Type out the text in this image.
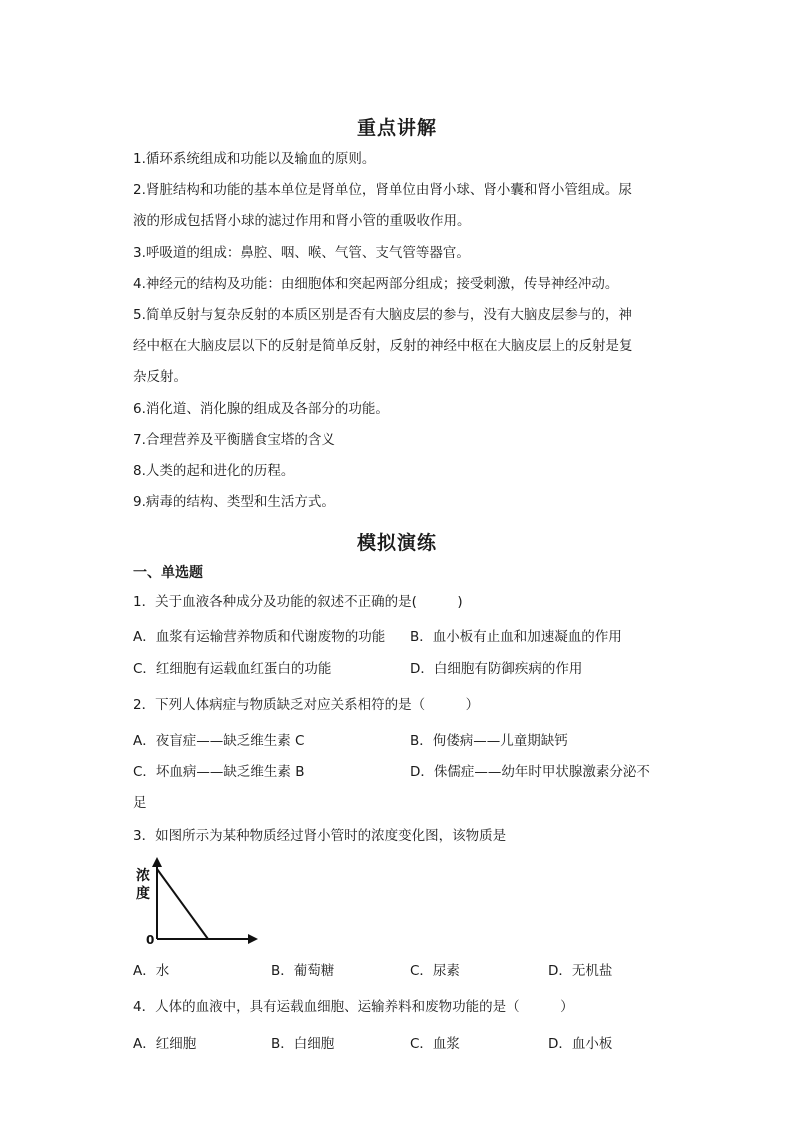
重点讲解
1.循环系统组成和功能以及输血的原则。
2.肾脏结构和功能的基本单位是肾单位，肾单位由肾小球、肾小囊和肾小管组成。尿
液的形成包括肾小球的滤过作用和肾小管的重吸收作用。
3.呼吸道的组成：鼻腔、咽、喉、气管、支气管等器官。
4.神经元的结构及功能：由细胞体和突起两部分组成；接受刺激，传导神经冲动。
5.简单反射与复杂反射的本质区别是否有大脑皮层的参与，没有大脑皮层参与的，神
经中枢在大脑皮层以下的反射是简单反射，反射的神经中枢在大脑皮层上的反射是复
杂反射。
6.消化道、消化腺的组成及各部分的功能。
7.合理营养及平衡膳食宝塔的含义
8.人类的起和进化的历程。
9.病毒的结构、类型和生活方式。
模拟演练
一、单选题
1．关于血液各种成分及功能的叙述不正确的是(　　　)
A．血浆有运输营养物质和代谢废物的功能 B．血小板有止血和加速凝血的作用
C．红细胞有运载血红蛋白的功能	D．白细胞有防御疾病的作用
2．下列人体病症与物质缺乏对应关系相符的是（　　　）
A．夜盲症——缺乏维生素 C	B．佝偻病——儿童期缺钙
C．坏血病——缺乏维生素 B	D．侏儒症——幼年时甲状腺激素分泌不
足
3．如图所示为某种物质经过肾小管时的浓度变化图，该物质是
浓
度
0
A．水	B．葡萄糖	C．尿素	D．无机盐
4．人体的血液中，具有运载血细胞、运输养料和废物功能的是（　　　）
A．红细胞	B．白细胞	C．血浆	D．血小板
